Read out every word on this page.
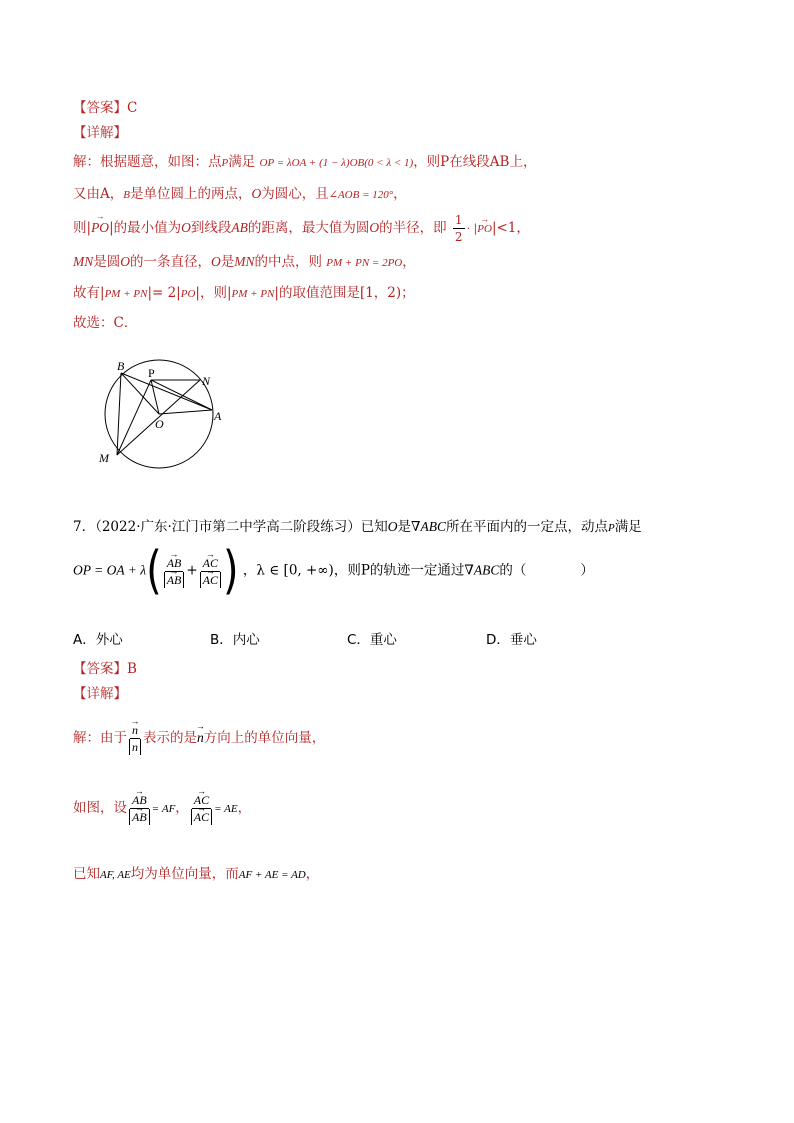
【答案】C
【详解】
解：根据题意，如图：点P满足 OP = λOA + (1 − λ)OB(0 < λ < 1)，则P在线段AB上，
又由A，B是单位圆上的两点，O为圆心，且∠AOB = 120°，
则|→ PO|的最小值为O到线段AB的距离，最大值为圆O的半径，即 $\frac{1}{2}$ · |→ PO|<1，
MN是圆O的一条直径，O是MN的中点，则 PM + PN = 2PO，
故有|PM + PN|= 2|PO|，则|PM + PN|的取值范围是[1，2)；
故选：C．
B P
N
O
A
M
7．（2022·广东·江门市第二中学高二阶段练习）已知O是∇ABC所在平面内的一定点，动点P满足
OP = OA + λ( → AB
→ AB + → AC
→ AC ) ，λ ∈ [0, +∞)，则P的轨迹一定通过∇ABC的（　　　　）
A．外心	B．内心	C．重心	D．垂心
【答案】B
【详解】
解：由于 → $\frac{n}{n}$ 表示的是→ n方向上的单位向量，
如图，设 → AB
→ AB = AF， → AC
→ AC = AE，
已知AF, AE均为单位向量，而AF + AE = AD，
